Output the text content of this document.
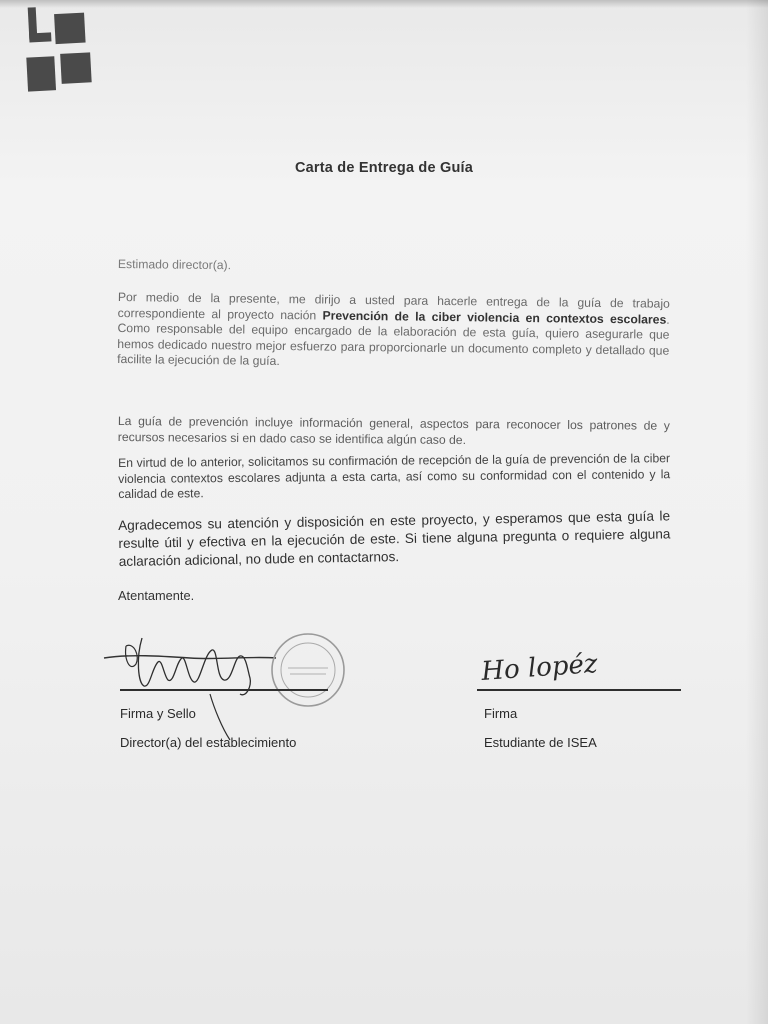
Carta de Entrega de Guía

Estimado director(a).

Por medio de la presente, me dirijo a usted para hacerle entrega de la guía de trabajo correspondiente al proyecto nación Prevención de la ciber violencia en contextos escolares. Como responsable del equipo encargado de la elaboración de esta guía, quiero asegurarle que hemos dedicado nuestro mejor esfuerzo para proporcionarle un documento completo y detallado que facilite la ejecución de la guía.

La guía de prevención incluye información general, aspectos para reconocer los patrones de y recursos necesarios si en dado caso se identifica algún caso de.

En virtud de lo anterior, solicitamos su confirmación de recepción de la guía de prevención de la ciber violencia contextos escolares adjunta a esta carta, así como su conformidad con el contenido y la calidad de este.

Agradecemos su atención y disposición en este proyecto, y esperamos que esta guía le resulte útil y efectiva en la ejecución de este. Si tiene alguna pregunta o requiere alguna aclaración adicional, no dude en contactarnos.

Atentamente.

Firma y Sello
Director(a) del establecimiento
Ho lopéz
Firma
Estudiante de ISEA
